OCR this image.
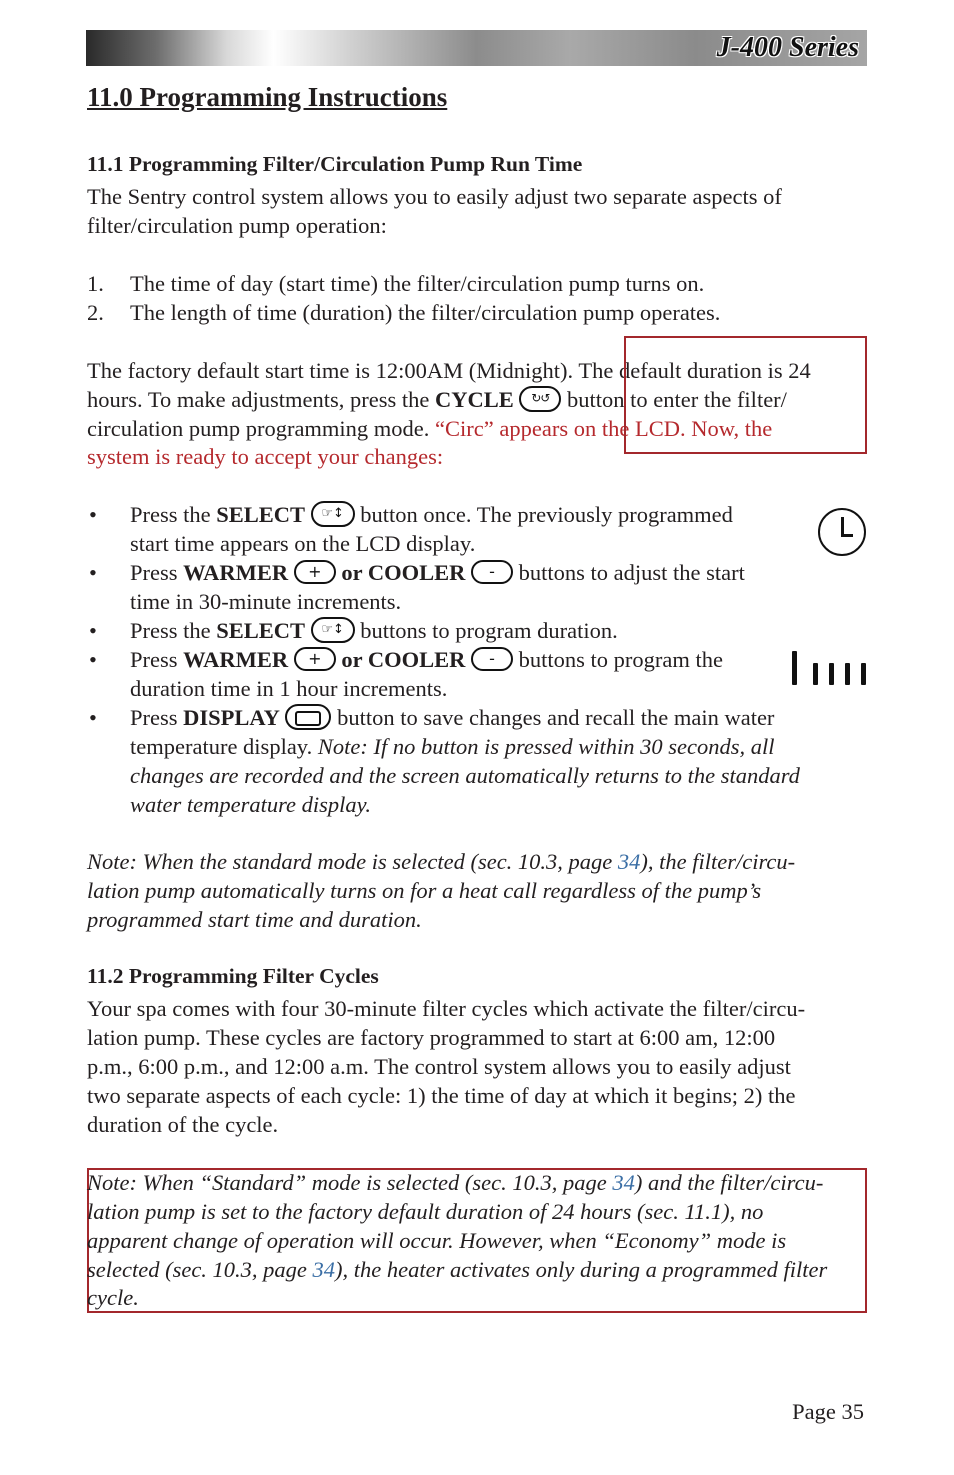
J-400 Series
11.0 Programming Instructions
11.1 Programming Filter/Circulation Pump Run Time
The Sentry control system allows you to easily adjust two separate aspects of
filter/circulation pump operation:
1. The time of day (start time) the filter/circulation pump turns on.
2. The length of time (duration) the filter/circulation pump operates.
The factory default start time is 12:00AM (Midnight). The default duration is 24
hours. To make adjustments, press the CYCLE ↻↺ button to enter the filter/
circulation pump programming mode. “Circ” appears on the LCD. Now, the
system is ready to accept your changes:
• Press the SELECT ☞↕ button once. The previously programmed
start time appears on the LCD display.
• Press WARMER + or COOLER - buttons to adjust the start
time in 30-minute increments.
• Press the SELECT ☞↕ buttons to program duration.
• Press WARMER + or COOLER - buttons to program the
duration time in 1 hour increments.
• Press DISPLAY
button to save changes and recall the main water
temperature display. Note: If no button is pressed within 30 seconds, all
changes are recorded and the screen automatically returns to the standard
water temperature display.
Note: When the standard mode is selected (sec. 10.3, page 34), the filter/circu-
lation pump automatically turns on for a heat call regardless of the pump’s
programmed start time and duration.
11.2 Programming Filter Cycles
Your spa comes with four 30-minute filter cycles which activate the filter/circu-
lation pump. These cycles are factory programmed to start at 6:00 am, 12:00
p.m., 6:00 p.m., and 12:00 a.m. The control system allows you to easily adjust
two separate aspects of each cycle: 1) the time of day at which it begins; 2) the
duration of the cycle.
Note: When “Standard” mode is selected (sec. 10.3, page 34) and the filter/circu-
lation pump is set to the factory default duration of 24 hours (sec. 11.1), no
apparent change of operation will occur. However, when “Economy” mode is
selected (sec. 10.3, page 34), the heater activates only during a programmed filter
cycle.
Page 35
